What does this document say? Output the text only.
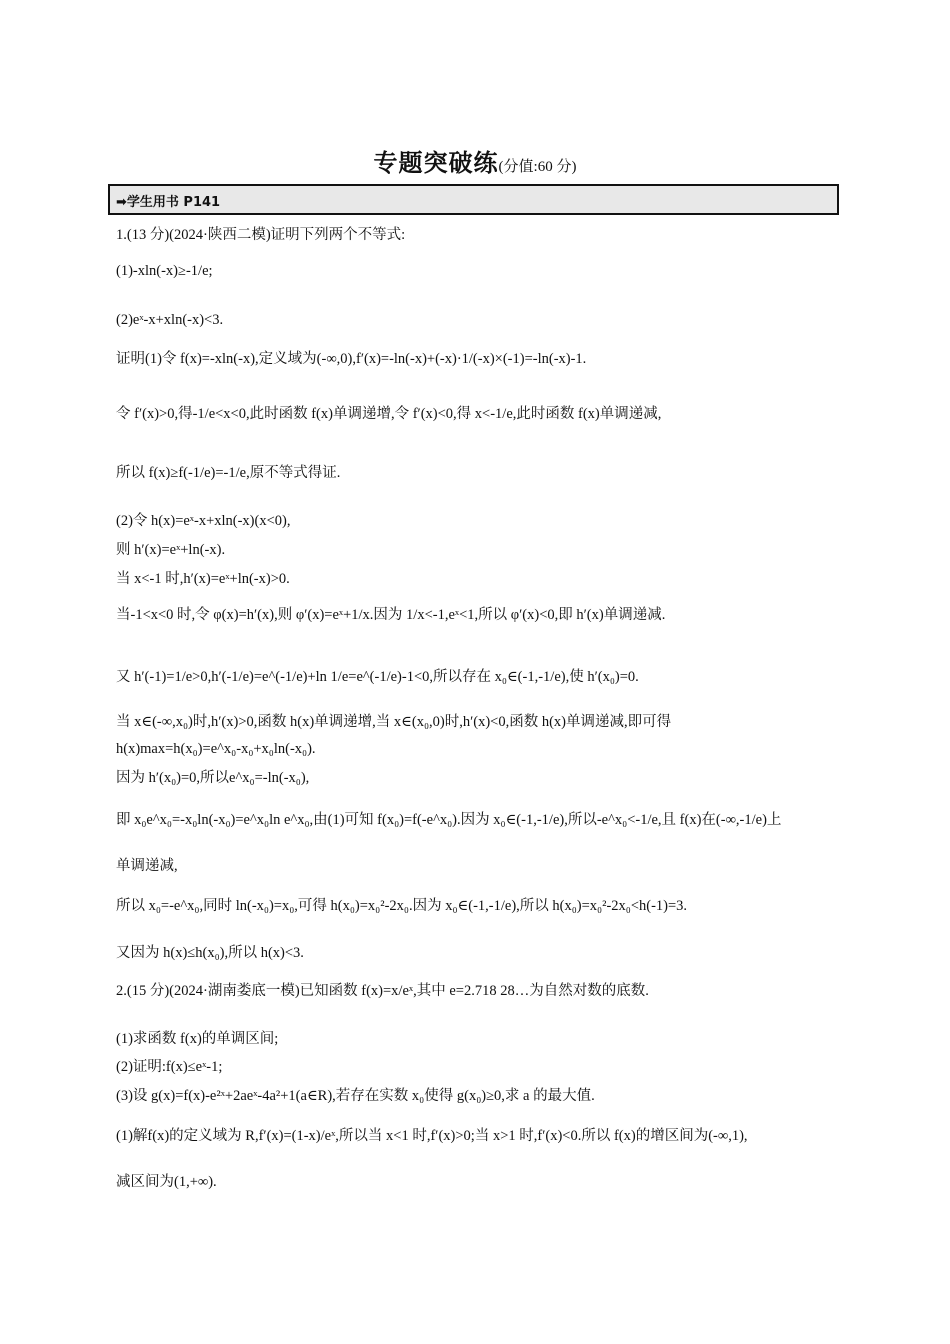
专题突破练(分值:60 分)
➡学生用书 P141
1.(13 分)(2024·陕西二模)证明下列两个不等式:
(1)-xln(-x)≥-1/e;
(2)eˣ-x+xln(-x)<3.
证明(1)令 f(x)=-xln(-x),定义域为(-∞,0),f′(x)=-ln(-x)+(-x)·1/(-x)×(-1)=-ln(-x)-1.
令 f′(x)>0,得-1/e<x<0,此时函数 f(x)单调递增,令 f′(x)<0,得 x<-1/e,此时函数 f(x)单调递减,
所以 f(x)≥f(-1/e)=-1/e,原不等式得证.
(2)令 h(x)=eˣ-x+xln(-x)(x<0),
则 h′(x)=eˣ+ln(-x).
当 x<-1 时,h′(x)=eˣ+ln(-x)>0.
当-1<x<0 时,令 φ(x)=h′(x),则 φ′(x)=eˣ+1/x.因为 1/x<-1,eˣ<1,所以 φ′(x)<0,即 h′(x)单调递减.
又 h′(-1)=1/e>0,h′(-1/e)=e^(-1/e)+ln 1/e=e^(-1/e)-1<0,所以存在 x₀∈(-1,-1/e),使 h′(x₀)=0.
当 x∈(-∞,x₀)时,h′(x)>0,函数 h(x)单调递增,当 x∈(x₀,0)时,h′(x)<0,函数 h(x)单调递减,即可得
h(x)max=h(x₀)=e^x₀-x₀+x₀ln(-x₀).
因为 h′(x₀)=0,所以e^x₀=-ln(-x₀),
即 x₀e^x₀=-x₀ln(-x₀)=e^x₀ln e^x₀,由(1)可知 f(x₀)=f(-e^x₀).因为 x₀∈(-1,-1/e),所以-e^x₀<-1/e,且 f(x)在(-∞,-1/e)上
单调递减,
所以 x₀=-e^x₀,同时 ln(-x₀)=x₀,可得 h(x₀)=x₀²-2x₀.因为 x₀∈(-1,-1/e),所以 h(x₀)=x₀²-2x₀<h(-1)=3.
又因为 h(x)≤h(x₀),所以 h(x)<3.
2.(15 分)(2024·湖南娄底一模)已知函数 f(x)=x/eˣ,其中 e=2.718 28…为自然对数的底数.
(1)求函数 f(x)的单调区间;
(2)证明:f(x)≤eˣ-1;
(3)设 g(x)=f(x)-e²ˣ+2aeˣ-4a²+1(a∈R),若存在实数 x₀使得 g(x₀)≥0,求 a 的最大值.
(1)解f(x)的定义域为 R,f′(x)=(1-x)/eˣ,所以当 x<1 时,f′(x)>0;当 x>1 时,f′(x)<0.所以 f(x)的增区间为(-∞,1),
减区间为(1,+∞).
